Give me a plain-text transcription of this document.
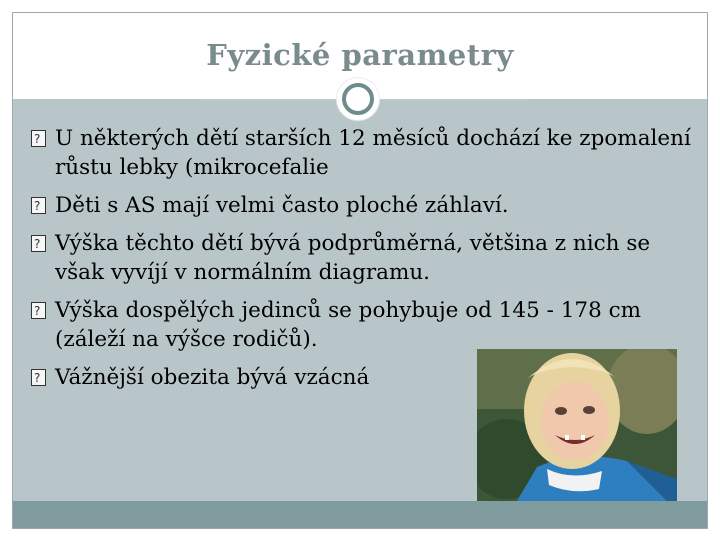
Fyzické parametry
?
U některých dětí starších 12 měsíců dochází ke zpomalení růstu lebky (mikrocefalie
?
Děti s AS mají velmi často ploché záhlaví.
?
Výška těchto dětí bývá podprůměrná, většina z nich se však vyvíjí v normálním diagramu.
?
Výška dospělých jedinců se pohybuje od 145 - 178 cm (záleží na výšce rodičů).
?
Vážnější obezita bývá vzácná
